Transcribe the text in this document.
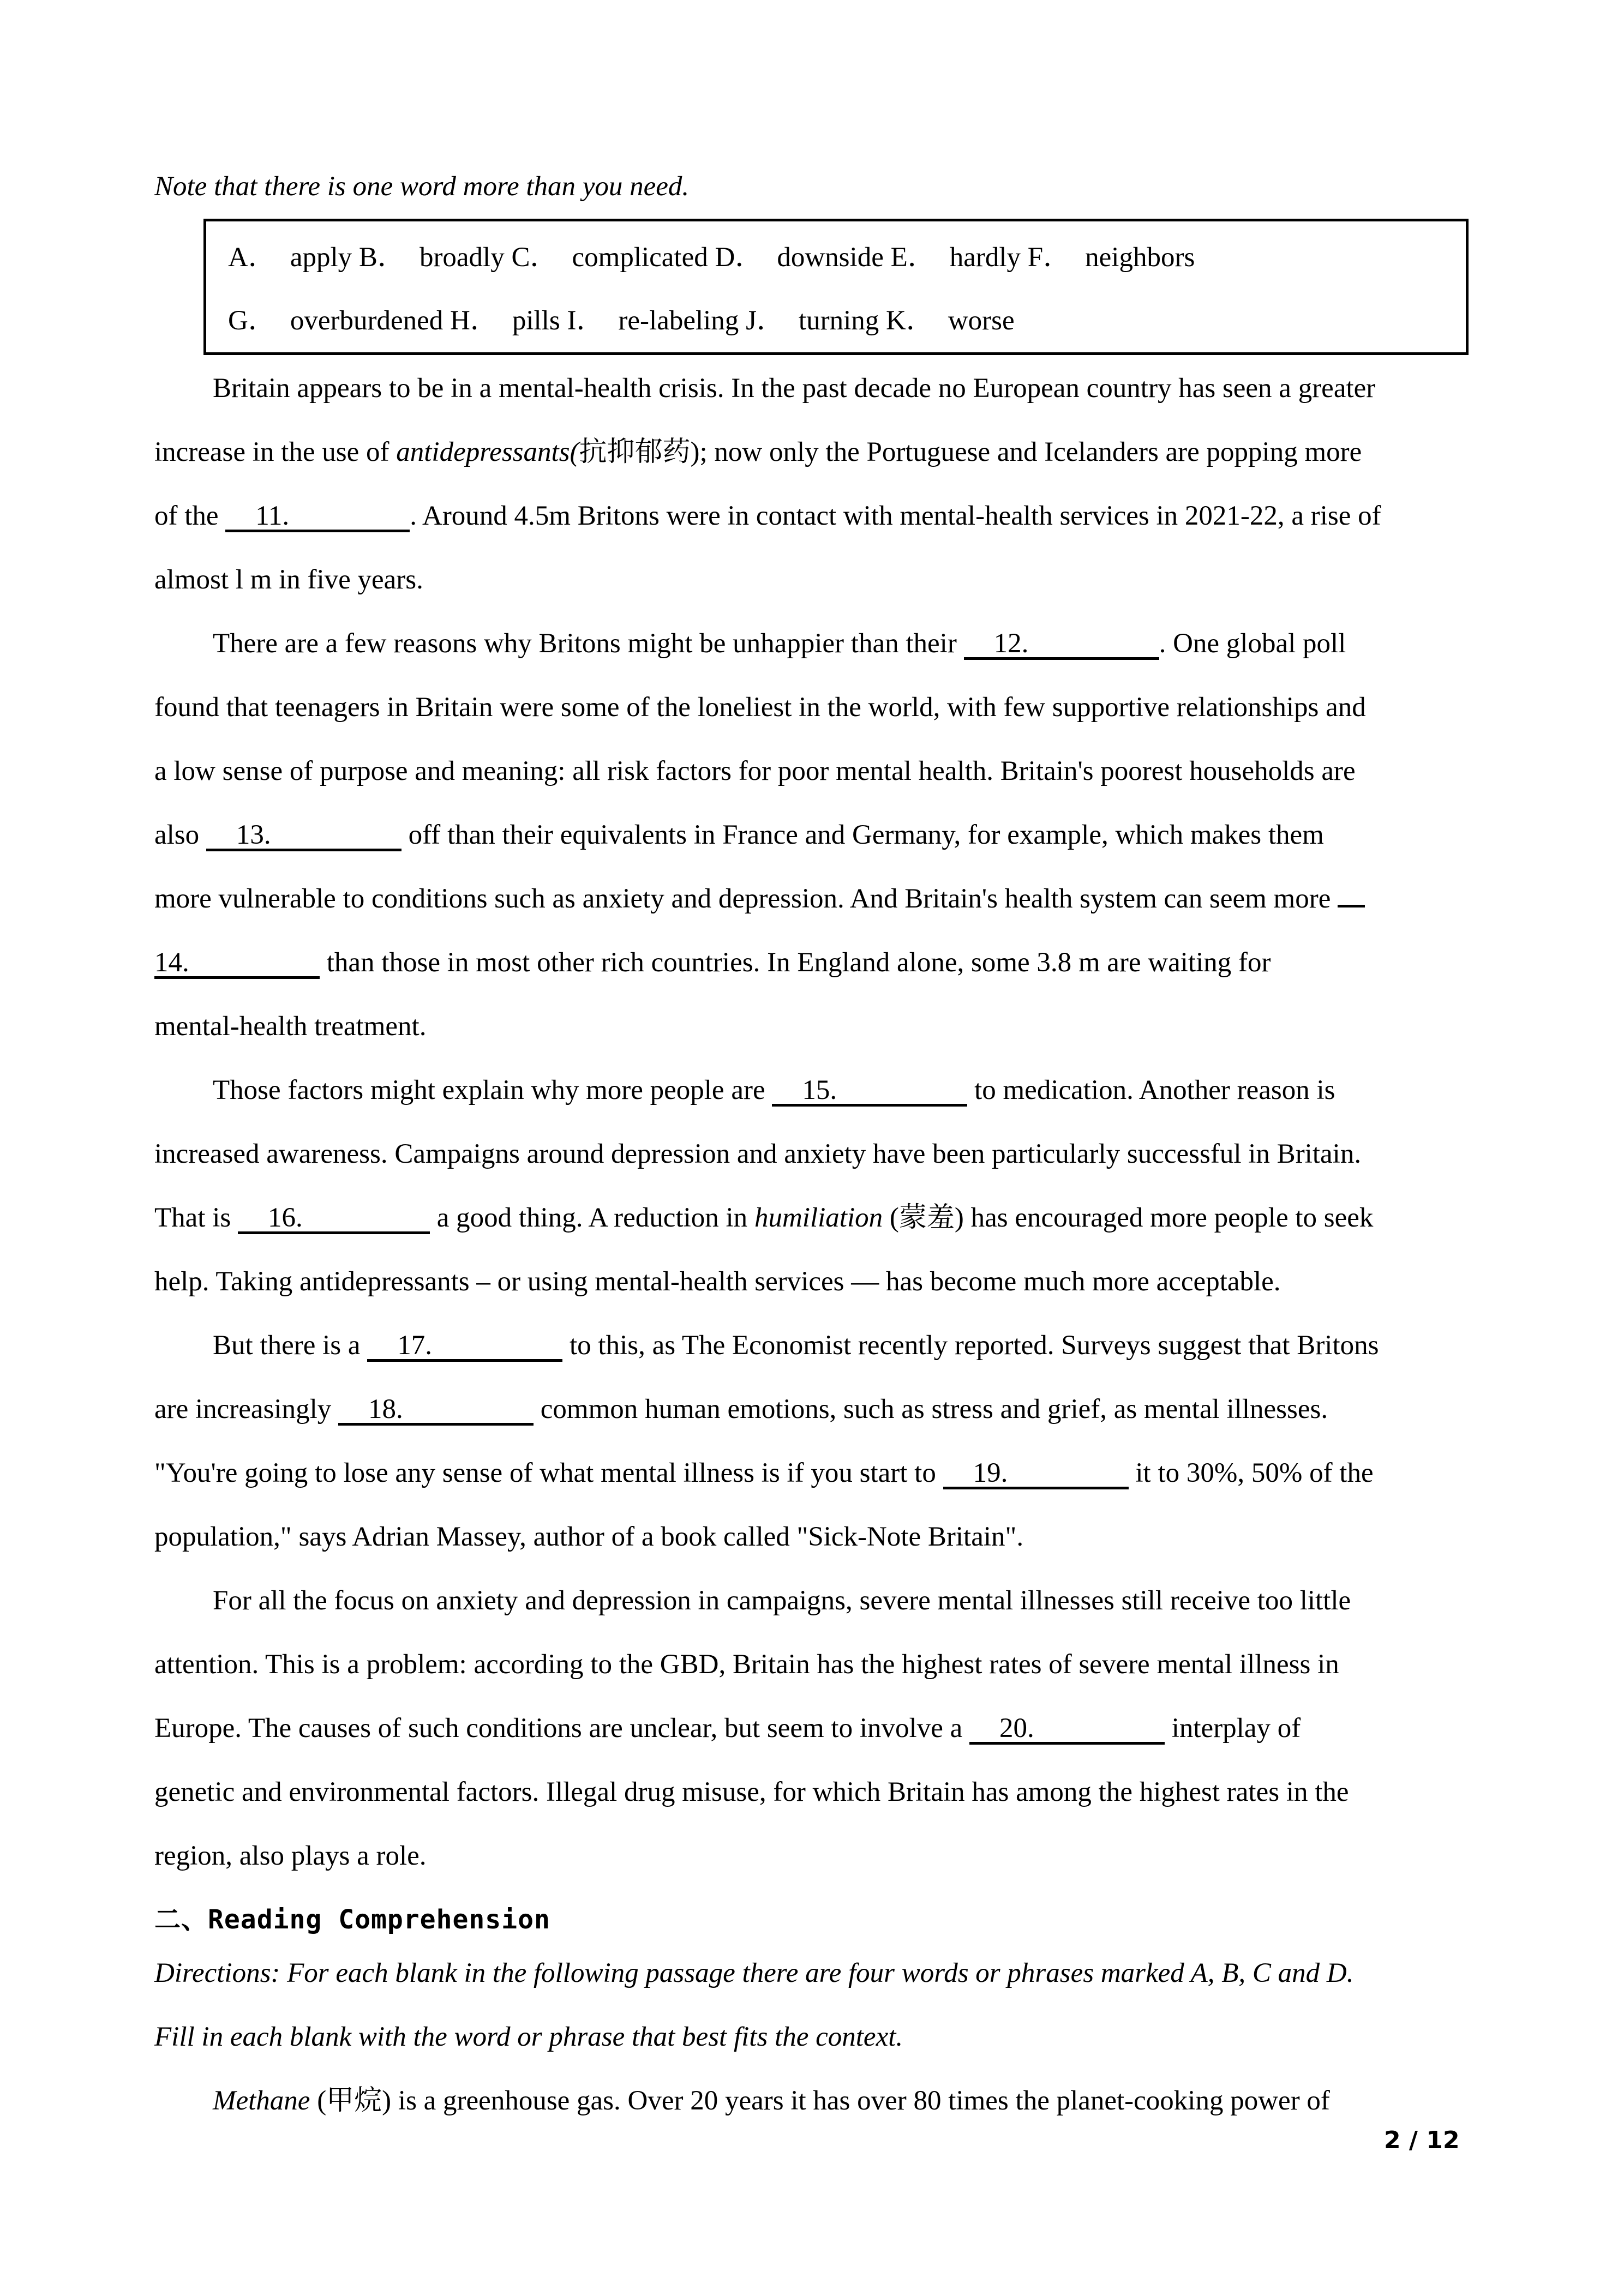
Note that there is one word more than you need.
A． apply B． broadly C． complicated D． downside E． hardly F． neighbors
G． overburdened H． pills I． re-labeling J． turning K． worse
Britain appears to be in a mental-health crisis. In the past decade no European country has seen a greater
increase in the use of antidepressants(抗抑郁药); now only the Portuguese and Icelanders are popping more
of the 11.	. Around 4.5m Britons were in contact with mental-health services in 2021-22, a rise of
almost l m in five years.
There are a few reasons why Britons might be unhappier than their 12.	. One global poll
found that teenagers in Britain were some of the loneliest in the world, with few supportive relationships and
a low sense of purpose and meaning: all risk factors for poor mental health. Britain's poorest households are
also 13.	off than their equivalents in France and Germany, for example, which makes them
more vulnerable to conditions such as anxiety and depression. And Britain's health system can seem more
14.	than those in most other rich countries. In England alone, some 3.8 m are waiting for
mental-health treatment.
Those factors might explain why more people are 15.	to medication. Another reason is
increased awareness. Campaigns around depression and anxiety have been particularly successful in Britain.
That is 16.	a good thing. A reduction in humiliation (蒙羞) has encouraged more people to seek
help. Taking antidepressants – or using mental-health services — has become much more acceptable.
But there is a 17.	to this, as The Economist recently reported. Surveys suggest that Britons
are increasingly 18.	common human emotions, such as stress and grief, as mental illnesses.
"You're going to lose any sense of what mental illness is if you start to 19.	it to 30%, 50% of the
population," says Adrian Massey, author of a book called "Sick-Note Britain".
For all the focus on anxiety and depression in campaigns, severe mental illnesses still receive too little
attention. This is a problem: according to the GBD, Britain has the highest rates of severe mental illness in
Europe. The causes of such conditions are unclear, but seem to involve a 20.	interplay of
genetic and environmental factors. Illegal drug misuse, for which Britain has among the highest rates in the
region, also plays a role.
二、Reading Comprehension
Directions: For each blank in the following passage there are four words or phrases marked A, B, C and D.
Fill in each blank with the word or phrase that best fits the context.
Methane (甲烷) is a greenhouse gas. Over 20 years it has over 80 times the planet-cooking power of
2 / 12
